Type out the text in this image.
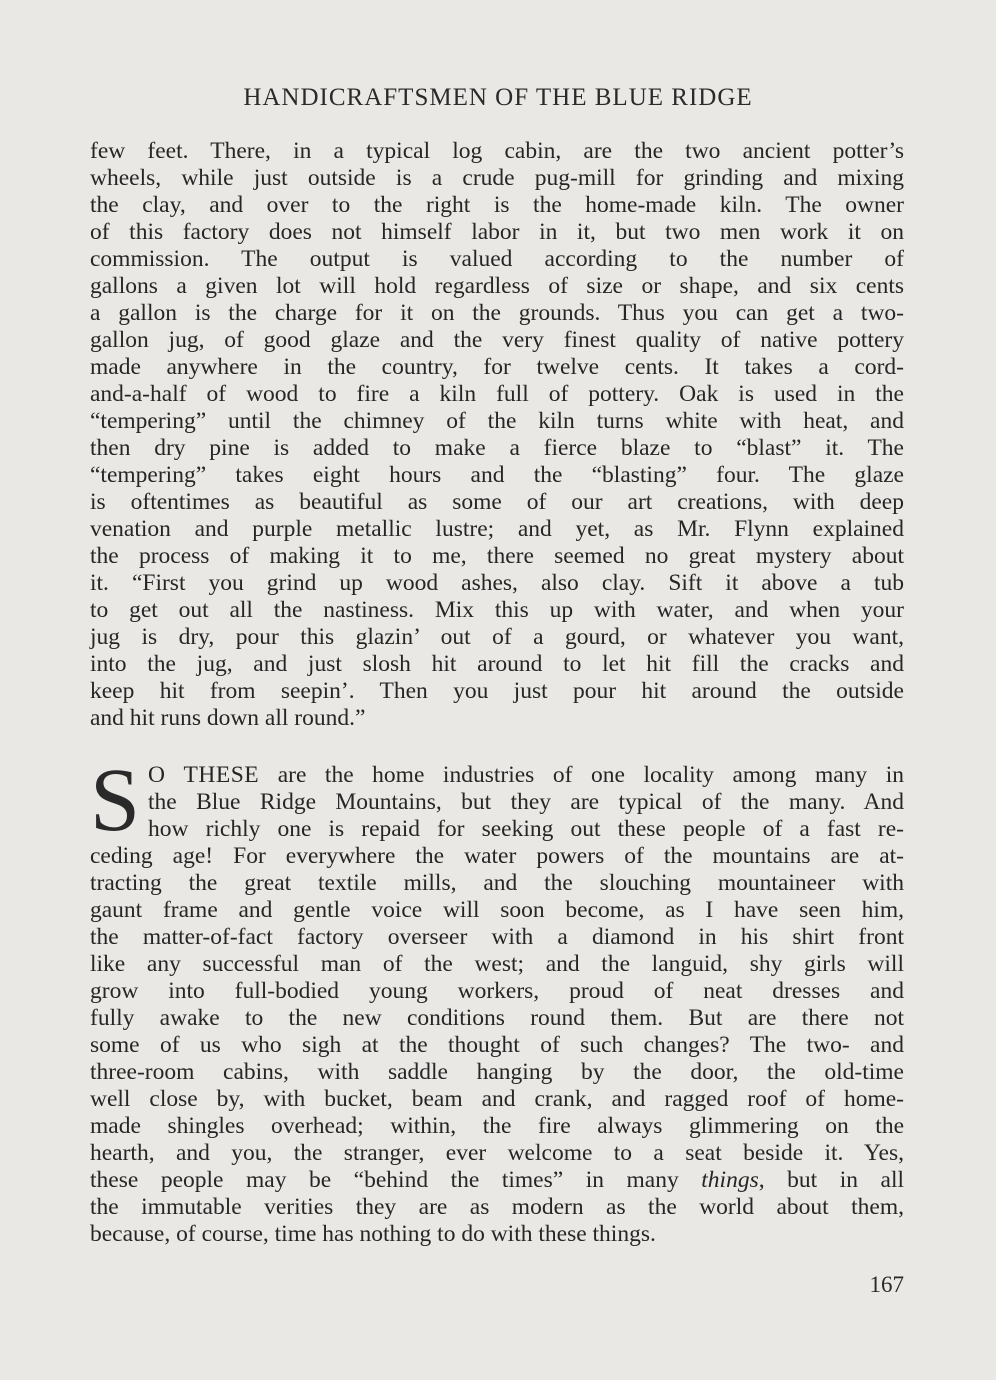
HANDICRAFTSMEN OF THE BLUE RIDGE
few feet. There, in a typical log cabin, are the two ancient potter’s
wheels, while just outside is a crude pug-mill for grinding and mixing
the clay, and over to the right is the home-made kiln. The owner
of this factory does not himself labor in it, but two men work it on
commission. The output is valued according to the number of
gallons a given lot will hold regardless of size or shape, and six cents
a gallon is the charge for it on the grounds. Thus you can get a two-
gallon jug, of good glaze and the very finest quality of native pottery
made anywhere in the country, for twelve cents. It takes a cord-
and-a-half of wood to fire a kiln full of pottery. Oak is used in the
“tempering” until the chimney of the kiln turns white with heat, and
then dry pine is added to make a fierce blaze to “blast” it. The
“tempering” takes eight hours and the “blasting” four. The glaze
is oftentimes as beautiful as some of our art creations, with deep
venation and purple metallic lustre; and yet, as Mr. Flynn explained
the process of making it to me, there seemed no great mystery about
it. “First you grind up wood ashes, also clay. Sift it above a tub
to get out all the nastiness. Mix this up with water, and when your
jug is dry, pour this glazin’ out of a gourd, or whatever you want,
into the jug, and just slosh hit around to let hit fill the cracks and
keep hit from seepin’. Then you just pour hit around the outside
and hit runs down all round.”
S O THESE are the home industries of one locality among many in
the Blue Ridge Mountains, but they are typical of the many. And
how richly one is repaid for seeking out these people of a fast re-
ceding age! For everywhere the water powers of the mountains are at-
tracting the great textile mills, and the slouching mountaineer with
gaunt frame and gentle voice will soon become, as I have seen him,
the matter-of-fact factory overseer with a diamond in his shirt front
like any successful man of the west; and the languid, shy girls will
grow into full-bodied young workers, proud of neat dresses and
fully awake to the new conditions round them. But are there not
some of us who sigh at the thought of such changes? The two- and
three-room cabins, with saddle hanging by the door, the old-time
well close by, with bucket, beam and crank, and ragged roof of home-
made shingles overhead; within, the fire always glimmering on the
hearth, and you, the stranger, ever welcome to a seat beside it. Yes,
these people may be “behind the times” in many things, but in all
the immutable verities they are as modern as the world about them,
because, of course, time has nothing to do with these things.
167
